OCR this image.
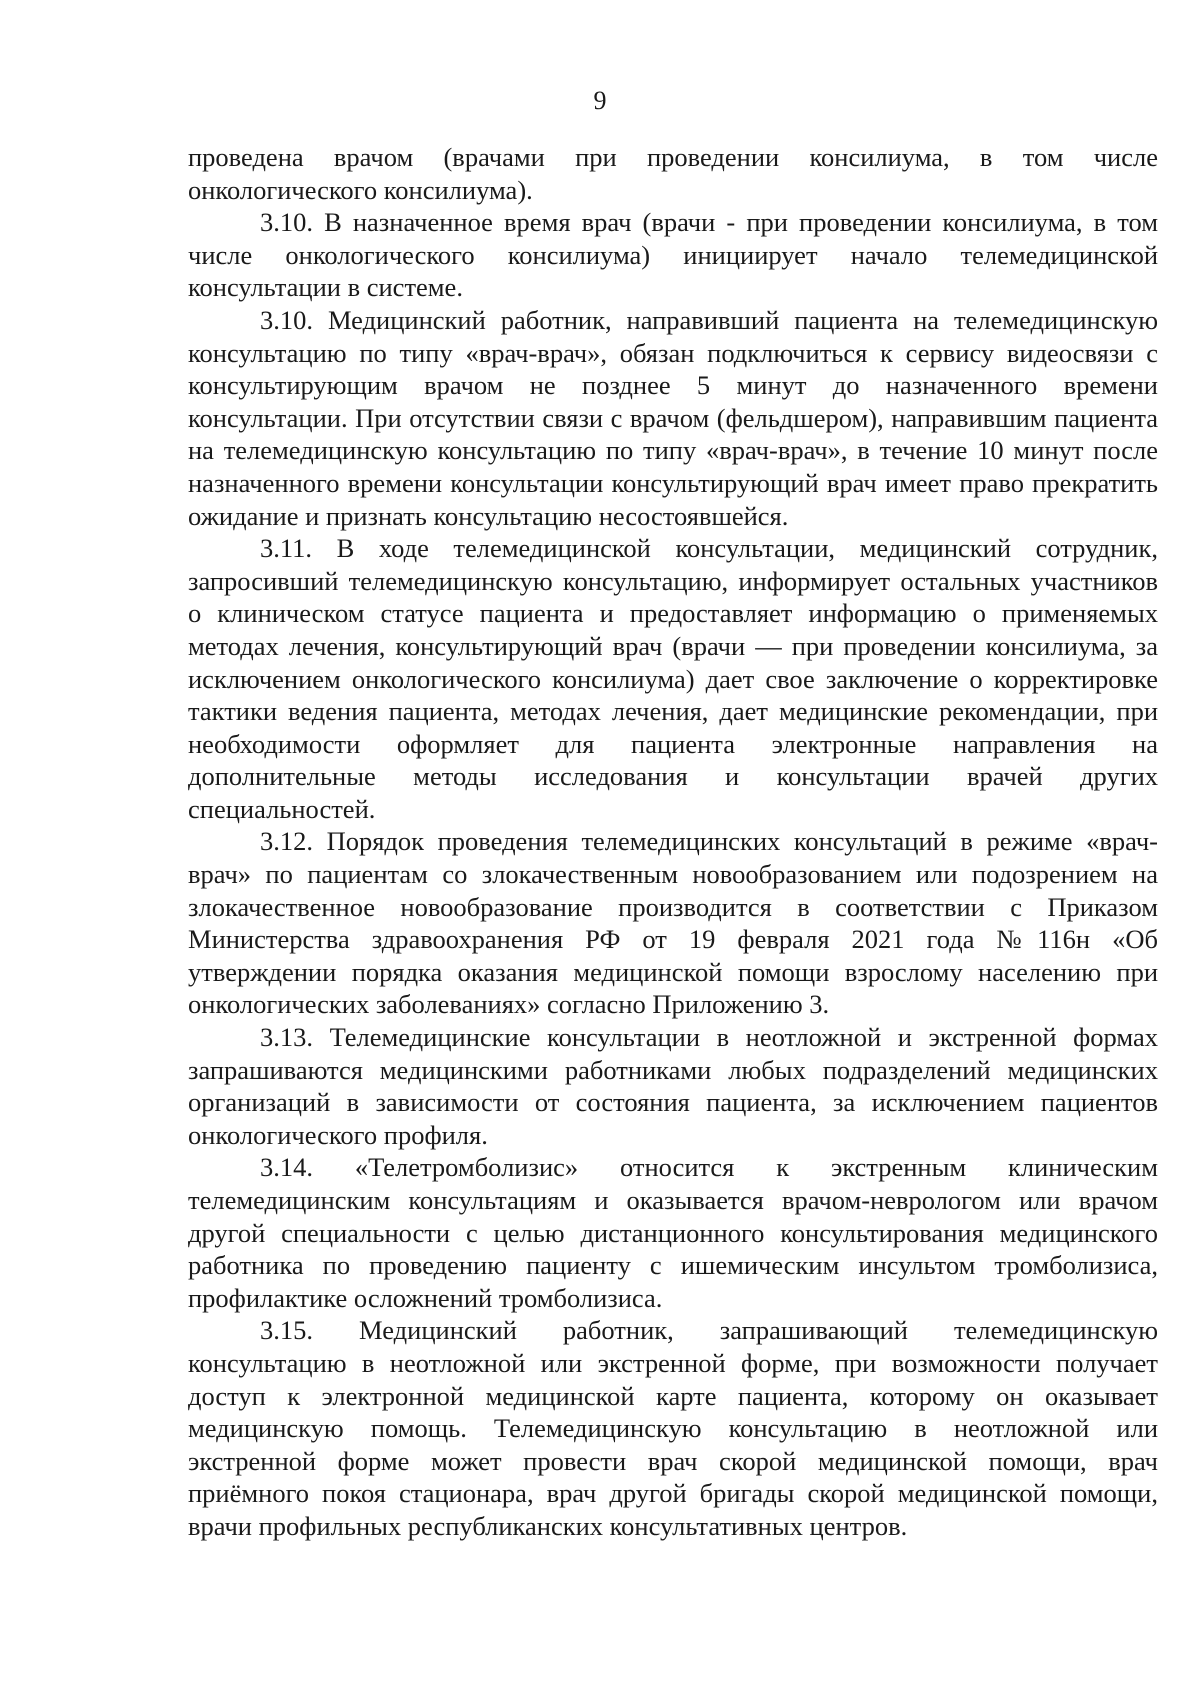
9

проведена врачом (врачами при проведении консилиума, в том числе онкологического консилиума).

3.10. В назначенное время врач (врачи - при проведении консилиума, в том числе онкологического консилиума) инициирует начало телемедицинской консультации в системе.

3.10. Медицинский работник, направивший пациента на телемедицинскую консультацию по типу «врач-врач», обязан подключиться к сервису видеосвязи с консультирующим врачом не позднее 5 минут до назначенного времени консультации. При отсутствии связи с врачом (фельдшером), направившим пациента на телемедицинскую консультацию по типу «врач-врач», в течение 10 минут после назначенного времени консультации консультирующий врач имеет право прекратить ожидание и признать консультацию несостоявшейся.

3.11. В ходе телемедицинской консультации, медицинский сотрудник, запросивший телемедицинскую консультацию, информирует остальных участников о клиническом статусе пациента и предоставляет информацию о применяемых методах лечения, консультирующий врач (врачи — при проведении консилиума, за исключением онкологического консилиума) дает свое заключение о корректировке тактики ведения пациента, методах лечения, дает медицинские рекомендации, при необходимости оформляет для пациента электронные направления на дополнительные методы исследования и консультации врачей других специальностей.

3.12. Порядок проведения телемедицинских консультаций в режиме «врач-врач» по пациентам со злокачественным новообразованием или подозрением на злокачественное новообразование производится в соответствии с Приказом Министерства здравоохранения РФ от 19 февраля 2021 года №116н «Об утверждении порядка оказания медицинской помощи взрослому населению при онкологических заболеваниях» согласно Приложению 3.

3.13. Телемедицинские консультации в неотложной и экстренной формах запрашиваются медицинскими работниками любых подразделений медицинских организаций в зависимости от состояния пациента, за исключением пациентов онкологического профиля.

3.14. «Телетромболизис» относится к экстренным клиническим телемедицинским консультациям и оказывается врачом-неврологом или врачом другой специальности с целью дистанционного консультирования медицинского работника по проведению пациенту с ишемическим инсультом тромболизиса, профилактике осложнений тромболизиса.

3.15. Медицинский работник, запрашивающий телемедицинскую консультацию в неотложной или экстренной форме, при возможности получает доступ к электронной медицинской карте пациента, которому он оказывает медицинскую помощь. Телемедицинскую консультацию в неотложной или экстренной форме может провести врач скорой медицинской помощи, врач приёмного покоя стационара, врач другой бригады скорой медицинской помощи, врачи профильных республиканских консультативных центров.
